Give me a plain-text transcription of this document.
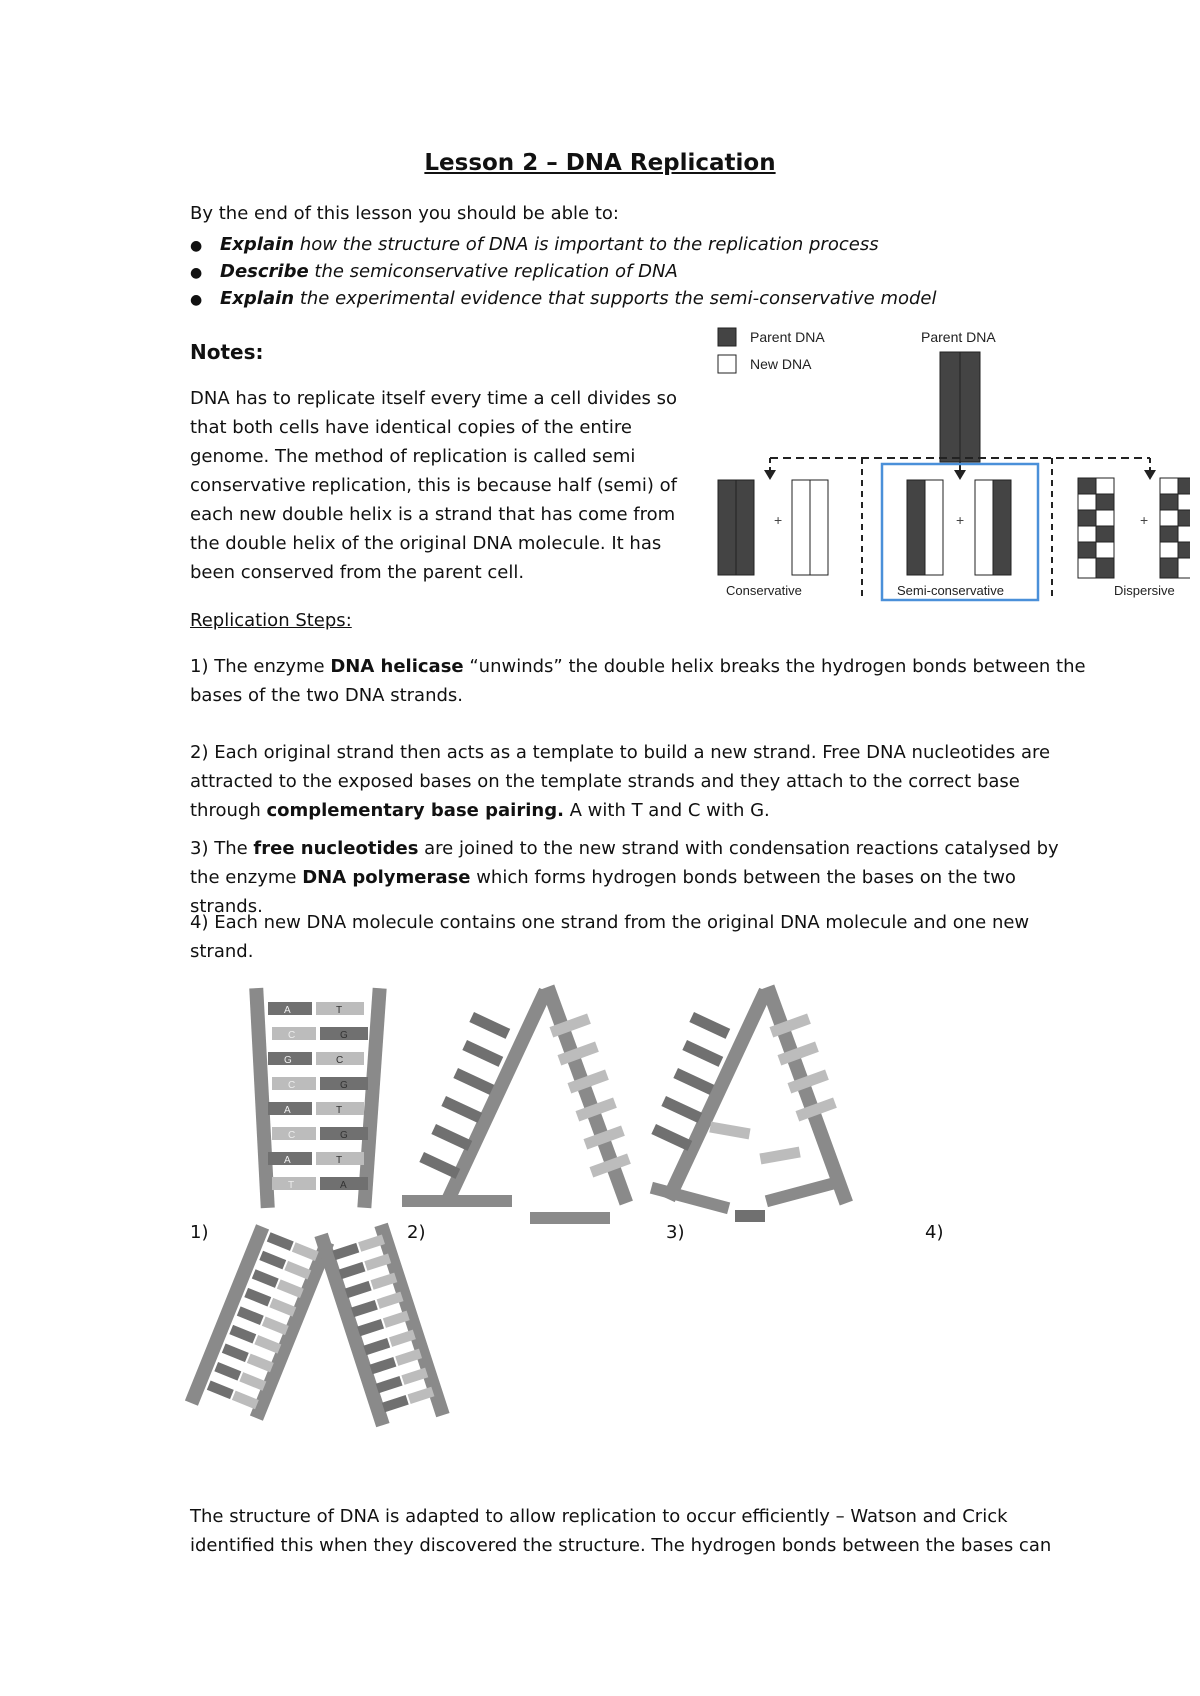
Lesson 2 – DNA Replication
By the end of this lesson you should be able to:
● Explain how the structure of DNA is important to the replication process
● Describe the semiconservative replication of DNA
● Explain the experimental evidence that supports the semi-conservative model
Notes:

DNA has to replicate itself every time a cell divides so that both cells have identical copies of the entire genome. The method of replication is called semi conservative replication, this is because half (semi) of each new double helix is a strand that has come from the double helix of the original DNA molecule. It has been conserved from the parent cell.

Parent DNA
New DNA
Parent DNA
+
Conservative
+
Semi-conservative
+
Dispersive
Replication Steps:

1) The enzyme DNA helicase “unwinds” the double helix breaks the hydrogen bonds between the bases of the two DNA strands.

2) Each original strand then acts as a template to build a new strand. Free DNA nucleotides are attracted to the exposed bases on the template strands and they attach to the correct base through complementary base pairing. A with T and C with G.

3) The free nucleotides are joined to the new strand with condensation reactions catalysed by the enzyme DNA polymerase which forms hydrogen bonds between the bases on the two strands.

4) Each new DNA molecule contains one strand from the original DNA molecule and one new strand.

A	T
C	G
G	C
C	G
A	T
C	G
A	T
T	A
1)	2)	3)	4)

The structure of DNA is adapted to allow replication to occur efficiently – Watson and Crick identified this when they discovered the structure. The hydrogen bonds between the bases can
